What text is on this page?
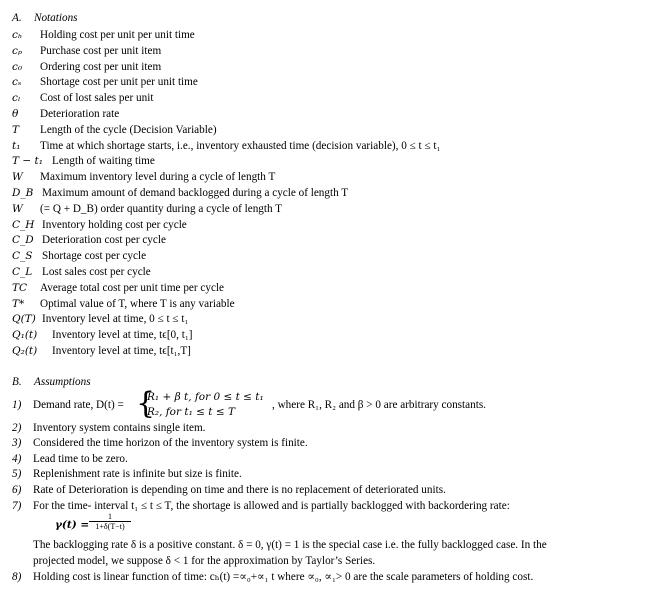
A. Notations
cₕ Holding cost per unit per unit time
cₚ Purchase cost per unit item
c₀ Ordering cost per unit item
cₛ Shortage cost per unit per unit time
cₗ Cost of lost sales per unit
θ Deterioration rate
T Length of the cycle (Decision Variable)
t₁ Time at which shortage starts, i.e., inventory exhausted time (decision variable), 0 ≤ t ≤ t₁
T − t₁ Length of waiting time
W Maximum inventory level during a cycle of length T
D_B Maximum amount of demand backlogged during a cycle of length T
W (= Q + D_B) order quantity during a cycle of length T
C_H Inventory holding cost per cycle
C_D Deterioration cost per cycle
C_S Shortage cost per cycle
C_L Lost sales cost per cycle
TC Average total cost per unit time per cycle
T* Optimal value of T, where T is any variable
Q(T) Inventory level at time, 0 ≤ t ≤ t₁
Q₁(t) Inventory level at time, tϵ[0, t₁]
Q₂(t) Inventory level at time, tϵ[t₁,T]
B. Assumptions
1) Demand rate, D(t) = {
R₁ + β t, for 0 ≤ t ≤ t₁
R₂, for t₁ ≤ t ≤ T
, where R₁, R₂ and β > 0 are arbitrary constants.
2) Inventory system contains single item.
3) Considered the time horizon of the inventory system is finite.
4) Lead time to be zero.
5) Replenishment rate is infinite but size is finite.
6) Rate of Deterioration is depending on time and there is no replacement of deteriorated units.
7) For the time- interval t₁ ≤ t ≤ T, the shortage is allowed and is partially backlogged with backordering rate:
$\gamma(t) = \frac{1}{1+\delta(T-t)}$
The backlogging rate δ is a positive constant. δ = 0, γ(t) = 1 is the special case i.e. the fully backlogged case. In the
projected model, we suppose δ < 1 for the approximation by Taylor’s Series.
8) Holding cost is linear function of time: cₕ(t) =∝₀+∝₁ t where ∝₀, ∝₁> 0 are the scale parameters of holding cost.
